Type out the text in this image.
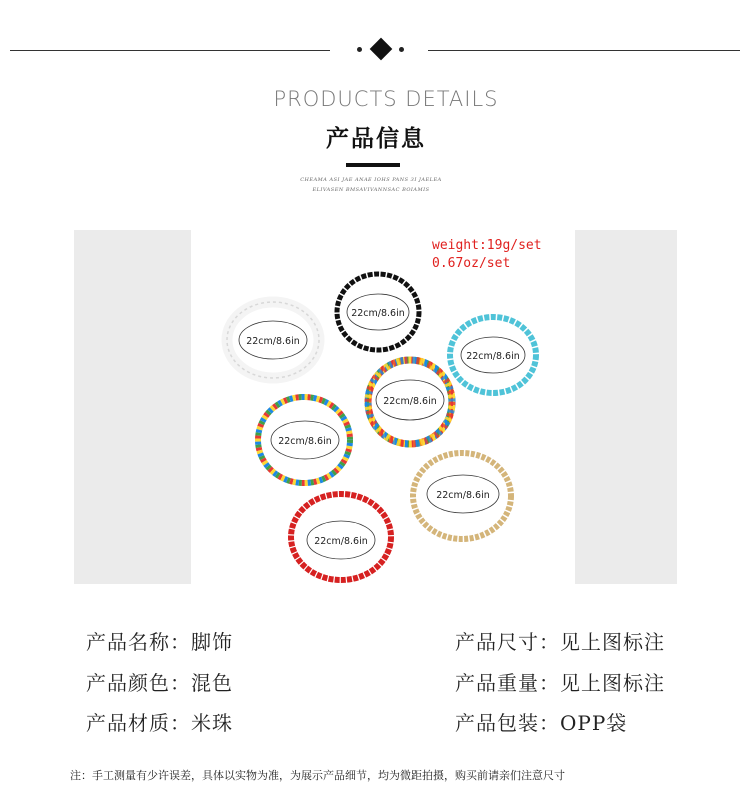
PRODUCTS DETAILS
产品信息
CHEAMA ASI JAE ANAE IOHS PANS 3I JAELEA
ELIVASEN BMSAVIVANNSAC BOIAMIS
22cm/8.6in
22cm/8.6in
22cm/8.6in
22cm/8.6in
22cm/8.6in
22cm/8.6in
22cm/8.6in
weight:19g/set
0.67oz/set
产品名称：脚饰
产品颜色：混色
产品材质：米珠
产品尺寸：见上图标注
产品重量：见上图标注
产品包装：OPP袋
注：手工测量有少许误差，具体以实物为准，为展示产品细节，均为微距拍摄，购买前请亲们注意尺寸
